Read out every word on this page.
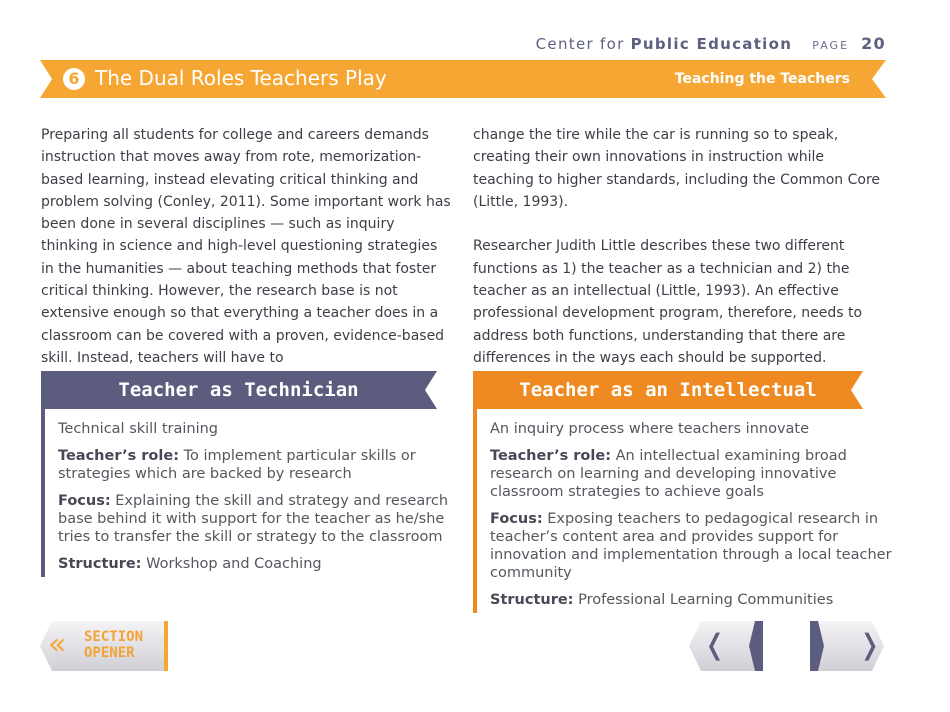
Center for Public Education PAGE 20
6 The Dual Roles Teachers Play	Teaching the Teachers

Preparing all students for college and careers demands instruction that moves away from rote, memorization-based learning, instead elevating critical thinking and problem solving (Conley, 2011). Some important work has been done in several disciplines — such as inquiry thinking in science and high-level questioning strategies in the humanities — about teaching methods that foster critical thinking. However, the research base is not extensive enough so that everything a teacher does in a classroom can be covered with a proven, evidence-based skill. Instead, teachers will have to

change the tire while the car is running so to speak, creating their own innovations in instruction while teaching to higher standards, including the Common Core (Little, 1993).

Researcher Judith Little describes these two different functions as 1) the teacher as a technician and 2) the teacher as an intellectual (Little, 1993). An effective professional development program, therefore, needs to address both functions, understanding that there are differences in the ways each should be supported.

Teacher as Technician

Technical skill training

Teacher’s role: To implement particular skills or strategies which are backed by research

Focus: Explaining the skill and strategy and research base behind it with support for the teacher as he/she tries to transfer the skill or strategy to the classroom

Structure: Workshop and Coaching

Teacher as an Intellectual

An inquiry process where teachers innovate

Teacher’s role: An intellectual examining broad research on learning and developing innovative classroom strategies to achieve goals

Focus: Exposing teachers to pedagogical research in teacher’s content area and provides support for innovation and implementation through a local teacher community

Structure: Professional Learning Communities

« SECTION
OPENER	❬	❭
